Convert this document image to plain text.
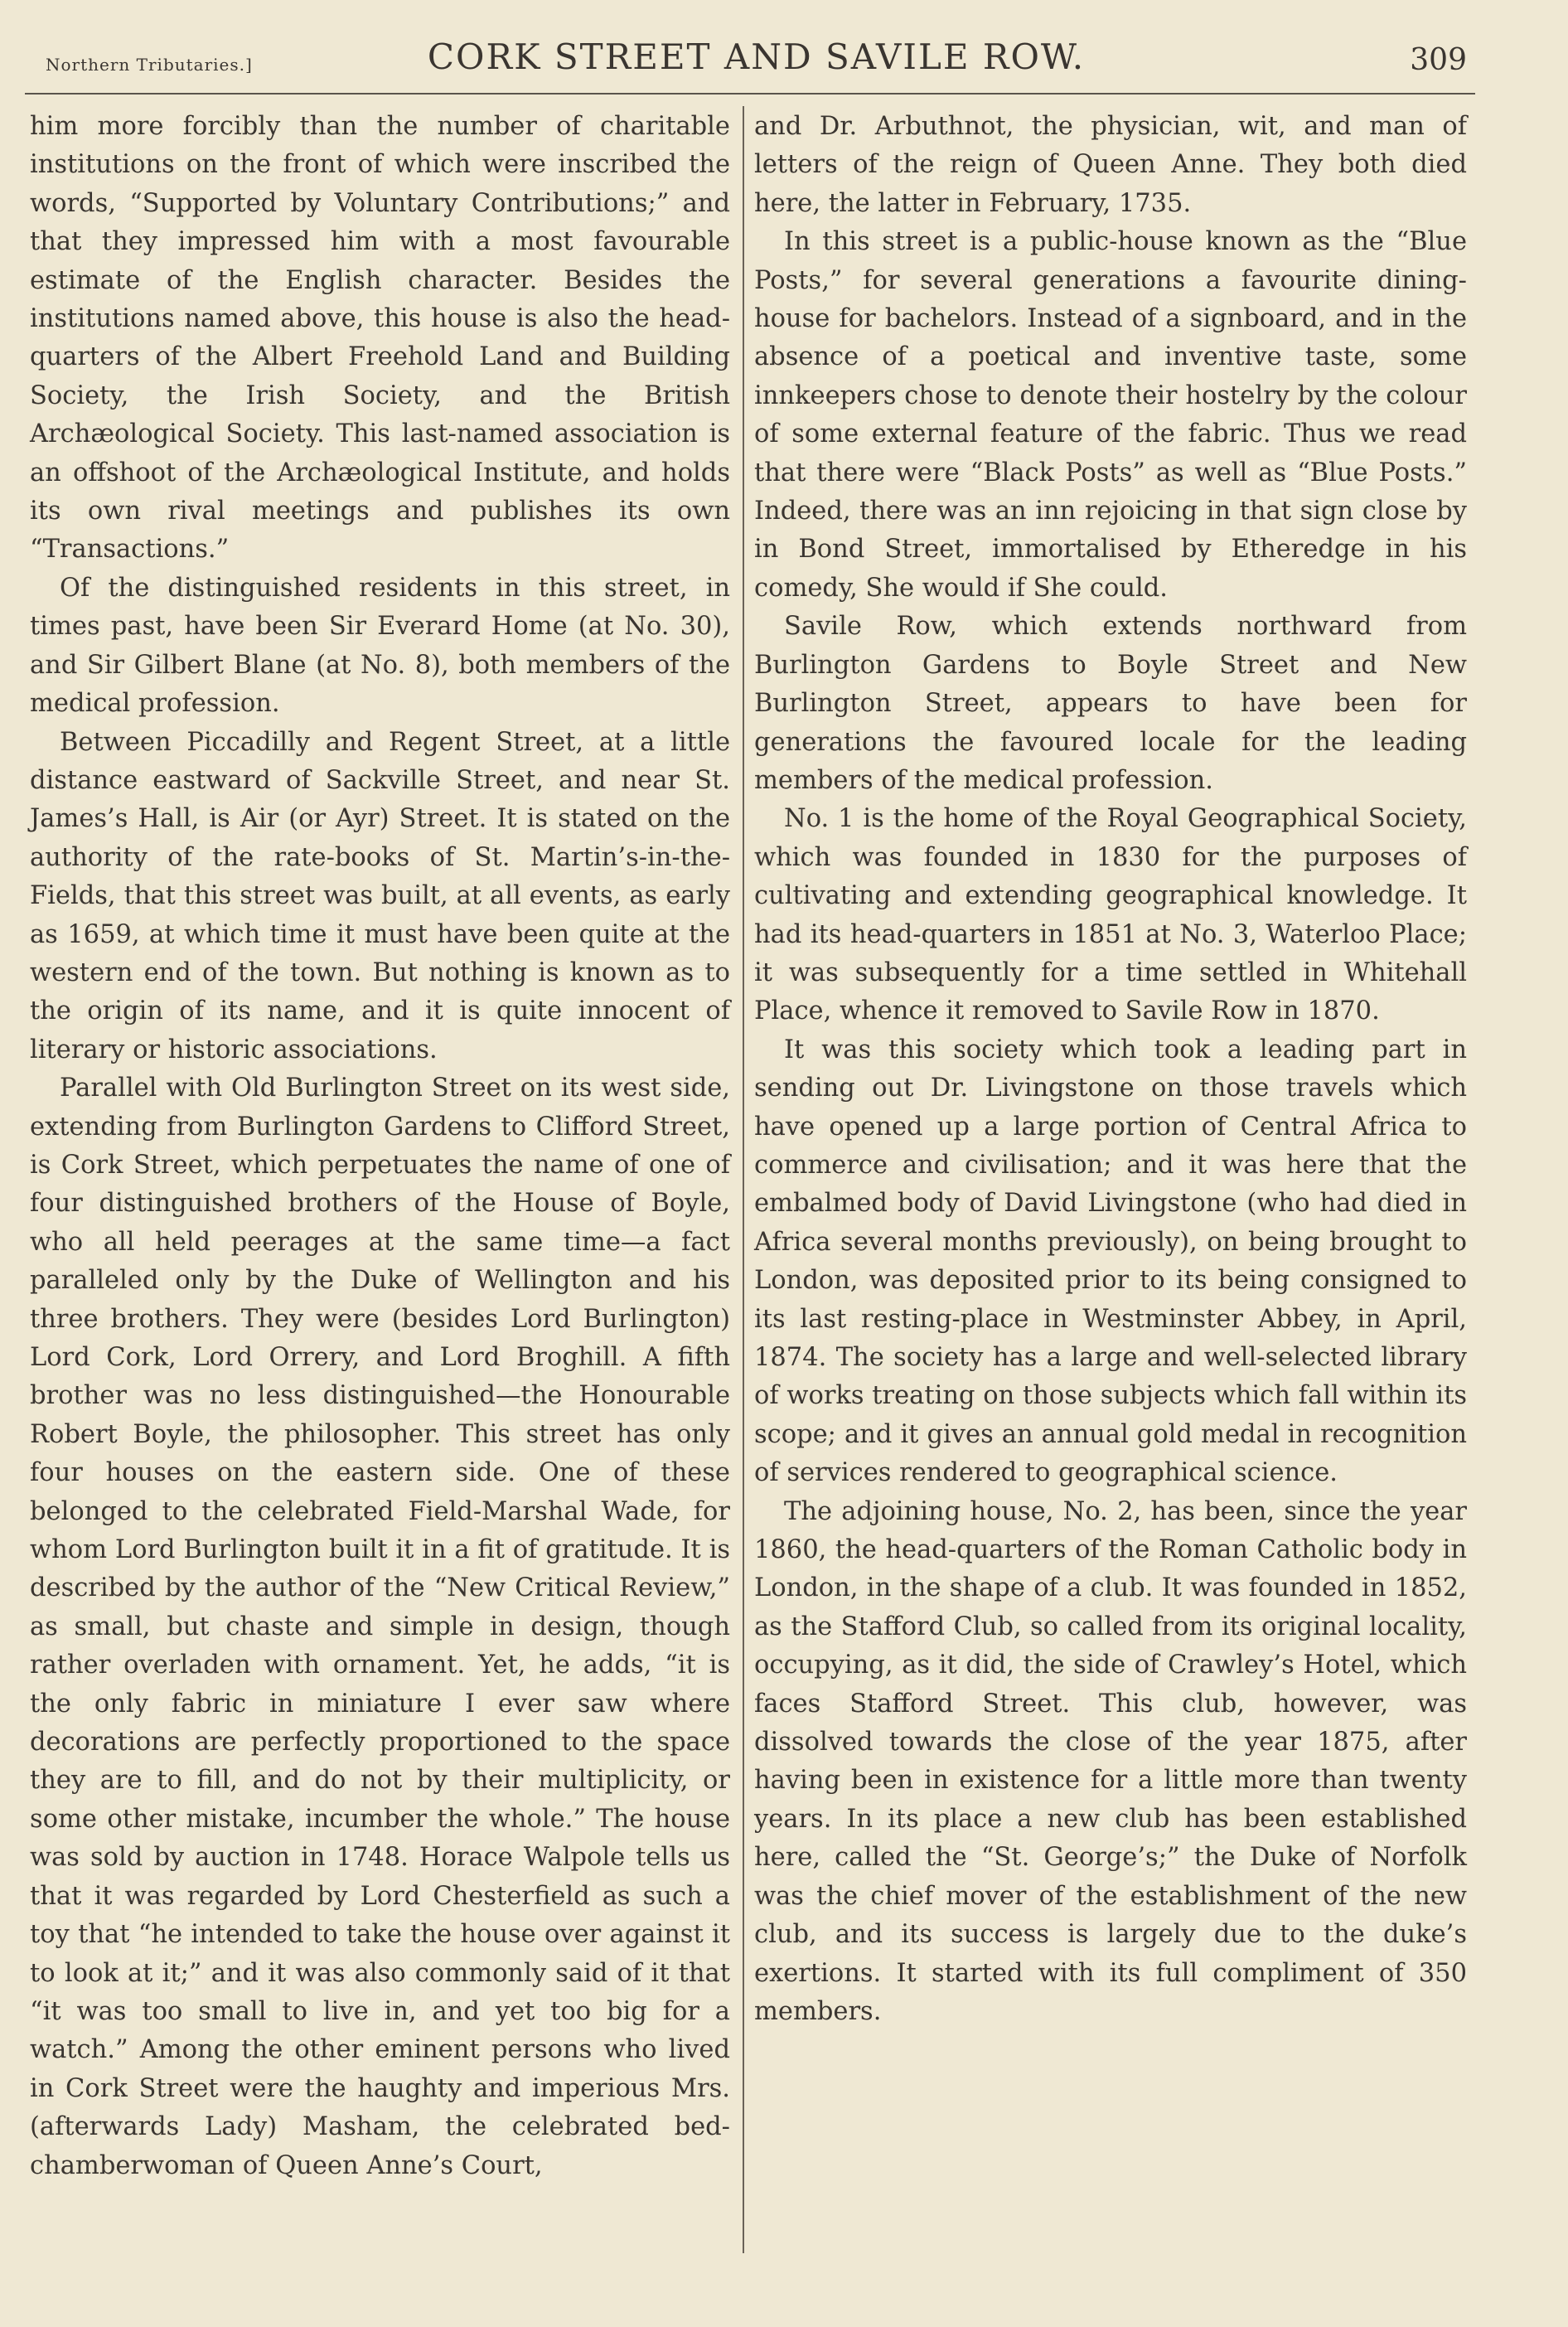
Northern Tributaries.]	CORK STREET AND SAVILE ROW.	309

him more forcibly than the number of charitable institutions on the front of which were inscribed the words, “Supported by Voluntary Contributions;” and that they impressed him with a most favourable estimate of the English character. Besides the institutions named above, this house is also the head-quarters of the Albert Freehold Land and Building Society, the Irish Society, and the British Archæological Society. This last-named association is an offshoot of the Archæological Institute, and holds its own rival meetings and publishes its own “Transactions.”

Of the distinguished residents in this street, in times past, have been Sir Everard Home (at No. 30), and Sir Gilbert Blane (at No. 8), both members of the medical profession.

Between Piccadilly and Regent Street, at a little distance eastward of Sackville Street, and near St. James’s Hall, is Air (or Ayr) Street. It is stated on the authority of the rate-books of St. Martin’s-in-the-Fields, that this street was built, at all events, as early as 1659, at which time it must have been quite at the western end of the town. But nothing is known as to the origin of its name, and it is quite innocent of literary or historic associations.

Parallel with Old Burlington Street on its west side, extending from Burlington Gardens to Clifford Street, is Cork Street, which perpetuates the name of one of four distinguished brothers of the House of Boyle, who all held peerages at the same time—a fact paralleled only by the Duke of Wellington and his three brothers. They were (besides Lord Burlington) Lord Cork, Lord Orrery, and Lord Broghill. A fifth brother was no less distinguished—the Honourable Robert Boyle, the philosopher. This street has only four houses on the eastern side. One of these belonged to the celebrated Field-Marshal Wade, for whom Lord Burlington built it in a fit of gratitude. It is described by the author of the “New Critical Review,” as small, but chaste and simple in design, though rather overladen with ornament. Yet, he adds, “it is the only fabric in miniature I ever saw where decorations are perfectly proportioned to the space they are to fill, and do not by their multiplicity, or some other mistake, incumber the whole.” The house was sold by auction in 1748. Horace Walpole tells us that it was regarded by Lord Chesterfield as such a toy that “he intended to take the house over against it to look at it;” and it was also commonly said of it that “it was too small to live in, and yet too big for a watch.” Among the other eminent persons who lived in Cork Street were the haughty and imperious Mrs. (afterwards Lady) Masham, the celebrated bed-chamberwoman of Queen Anne’s Court,

and Dr. Arbuthnot, the physician, wit, and man of letters of the reign of Queen Anne. They both died here, the latter in February, 1735.

In this street is a public-house known as the “Blue Posts,” for several generations a favourite dining-house for bachelors. Instead of a signboard, and in the absence of a poetical and inventive taste, some innkeepers chose to denote their hostelry by the colour of some external feature of the fabric. Thus we read that there were “Black Posts” as well as “Blue Posts.” Indeed, there was an inn rejoicing in that sign close by in Bond Street, immortalised by Etheredge in his comedy, She would if She could.

Savile Row, which extends northward from Burlington Gardens to Boyle Street and New Burlington Street, appears to have been for generations the favoured locale for the leading members of the medical profession.

No. 1 is the home of the Royal Geographical Society, which was founded in 1830 for the purposes of cultivating and extending geographical knowledge. It had its head-quarters in 1851 at No. 3, Waterloo Place; it was subsequently for a time settled in Whitehall Place, whence it removed to Savile Row in 1870.

It was this society which took a leading part in sending out Dr. Livingstone on those travels which have opened up a large portion of Central Africa to commerce and civilisation; and it was here that the embalmed body of David Livingstone (who had died in Africa several months previously), on being brought to London, was deposited prior to its being consigned to its last resting-place in Westminster Abbey, in April, 1874. The society has a large and well-selected library of works treating on those subjects which fall within its scope; and it gives an annual gold medal in recognition of services rendered to geographical science.

The adjoining house, No. 2, has been, since the year 1860, the head-quarters of the Roman Catholic body in London, in the shape of a club. It was founded in 1852, as the Stafford Club, so called from its original locality, occupying, as it did, the side of Crawley’s Hotel, which faces Stafford Street. This club, however, was dissolved towards the close of the year 1875, after having been in existence for a little more than twenty years. In its place a new club has been established here, called the “St. George’s;” the Duke of Norfolk was the chief mover of the establishment of the new club, and its success is largely due to the duke’s exertions. It started with its full compliment of 350 members.
